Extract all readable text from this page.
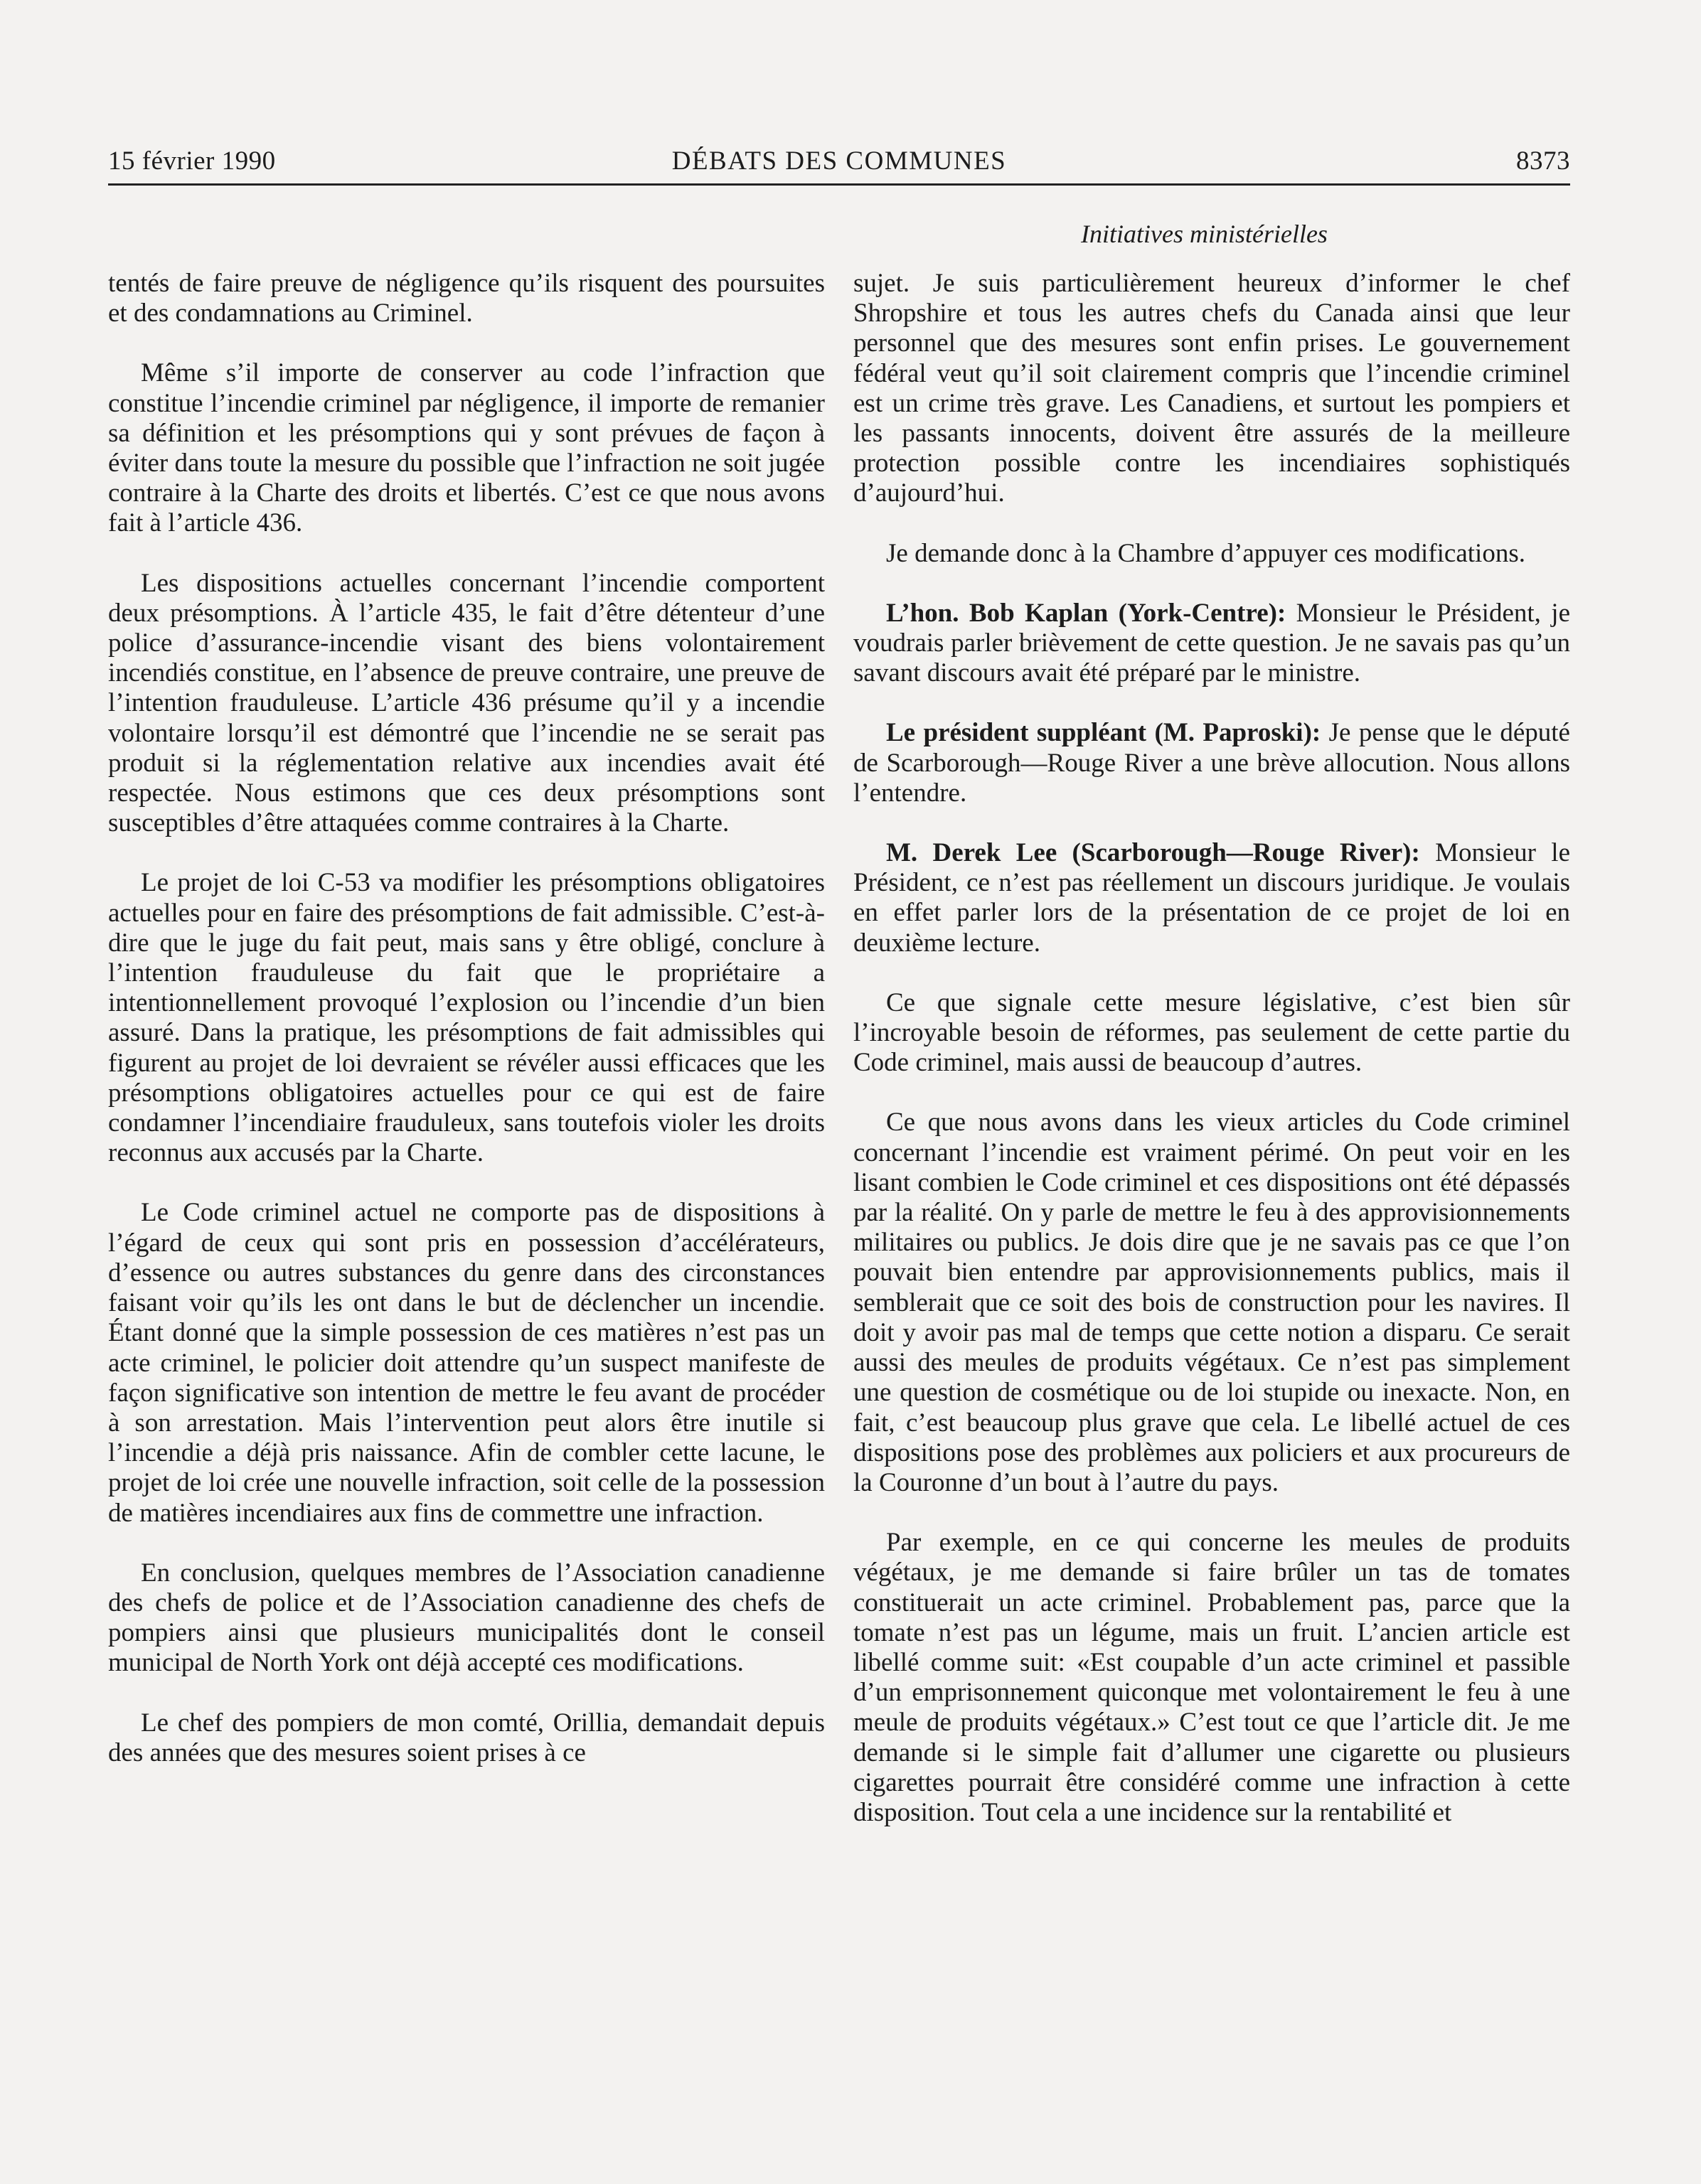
15 février 1990	DÉBATS DES COMMUNES	8373
Initiatives ministérielles

tentés de faire preuve de négligence qu’ils risquent des poursuites et des condamnations au Criminel.

Même s’il importe de conserver au code l’infraction que constitue l’incendie criminel par négligence, il importe de remanier sa définition et les présomptions qui y sont prévues de façon à éviter dans toute la mesure du possible que l’infraction ne soit jugée contraire à la Charte des droits et libertés. C’est ce que nous avons fait à l’article 436.

Les dispositions actuelles concernant l’incendie comportent deux présomptions. À l’article 435, le fait d’être détenteur d’une police d’assurance-incendie visant des biens volontairement incendiés constitue, en l’absence de preuve contraire, une preuve de l’intention frauduleuse. L’article 436 présume qu’il y a incendie volontaire lorsqu’il est démontré que l’incendie ne se serait pas produit si la réglementation relative aux incendies avait été respectée. Nous estimons que ces deux présomptions sont susceptibles d’être attaquées comme contraires à la Charte.

Le projet de loi C-53 va modifier les présomptions obligatoires actuelles pour en faire des présomptions de fait admissible. C’est-à-dire que le juge du fait peut, mais sans y être obligé, conclure à l’intention frauduleuse du fait que le propriétaire a intentionnellement provoqué l’explosion ou l’incendie d’un bien assuré. Dans la pratique, les présomptions de fait admissibles qui figurent au projet de loi devraient se révéler aussi efficaces que les présomptions obligatoires actuelles pour ce qui est de faire condamner l’incendiaire frauduleux, sans toutefois violer les droits reconnus aux accusés par la Charte.

Le Code criminel actuel ne comporte pas de dispositions à l’égard de ceux qui sont pris en possession d’accélérateurs, d’essence ou autres substances du genre dans des circonstances faisant voir qu’ils les ont dans le but de déclencher un incendie. Étant donné que la simple possession de ces matières n’est pas un acte criminel, le policier doit attendre qu’un suspect manifeste de façon significative son intention de mettre le feu avant de procéder à son arrestation. Mais l’intervention peut alors être inutile si l’incendie a déjà pris naissance. Afin de combler cette lacune, le projet de loi crée une nouvelle infraction, soit celle de la possession de matières incendiaires aux fins de commettre une infraction.

En conclusion, quelques membres de l’Association canadienne des chefs de police et de l’Association canadienne des chefs de pompiers ainsi que plusieurs municipalités dont le conseil municipal de North York ont déjà accepté ces modifications.

Le chef des pompiers de mon comté, Orillia, demandait depuis des années que des mesures soient prises à ce

sujet. Je suis particulièrement heureux d’informer le chef Shropshire et tous les autres chefs du Canada ainsi que leur personnel que des mesures sont enfin prises. Le gouvernement fédéral veut qu’il soit clairement compris que l’incendie criminel est un crime très grave. Les Canadiens, et surtout les pompiers et les passants innocents, doivent être assurés de la meilleure protection possible contre les incendiaires sophistiqués d’aujourd’hui.

Je demande donc à la Chambre d’appuyer ces modifications.

L’hon. Bob Kaplan (York-Centre): Monsieur le Président, je voudrais parler brièvement de cette question. Je ne savais pas qu’un savant discours avait été préparé par le ministre.

Le président suppléant (M. Paproski): Je pense que le député de Scarborough—Rouge River a une brève allocution. Nous allons l’entendre.

M. Derek Lee (Scarborough—Rouge River): Monsieur le Président, ce n’est pas réellement un discours juridique. Je voulais en effet parler lors de la présentation de ce projet de loi en deuxième lecture.

Ce que signale cette mesure législative, c’est bien sûr l’incroyable besoin de réformes, pas seulement de cette partie du Code criminel, mais aussi de beaucoup d’autres.

Ce que nous avons dans les vieux articles du Code criminel concernant l’incendie est vraiment périmé. On peut voir en les lisant combien le Code criminel et ces dispositions ont été dépassés par la réalité. On y parle de mettre le feu à des approvisionnements militaires ou publics. Je dois dire que je ne savais pas ce que l’on pouvait bien entendre par approvisionnements publics, mais il semblerait que ce soit des bois de construction pour les navires. Il doit y avoir pas mal de temps que cette notion a disparu. Ce serait aussi des meules de produits végétaux. Ce n’est pas simplement une question de cosmétique ou de loi stupide ou inexacte. Non, en fait, c’est beaucoup plus grave que cela. Le libellé actuel de ces dispositions pose des problèmes aux policiers et aux procureurs de la Couronne d’un bout à l’autre du pays.

Par exemple, en ce qui concerne les meules de produits végétaux, je me demande si faire brûler un tas de tomates constituerait un acte criminel. Probablement pas, parce que la tomate n’est pas un légume, mais un fruit. L’ancien article est libellé comme suit: «Est coupable d’un acte criminel et passible d’un emprisonnement quiconque met volontairement le feu à une meule de produits végétaux.» C’est tout ce que l’article dit. Je me demande si le simple fait d’allumer une cigarette ou plusieurs cigarettes pourrait être considéré comme une infraction à cette disposition. Tout cela a une incidence sur la rentabilité et
